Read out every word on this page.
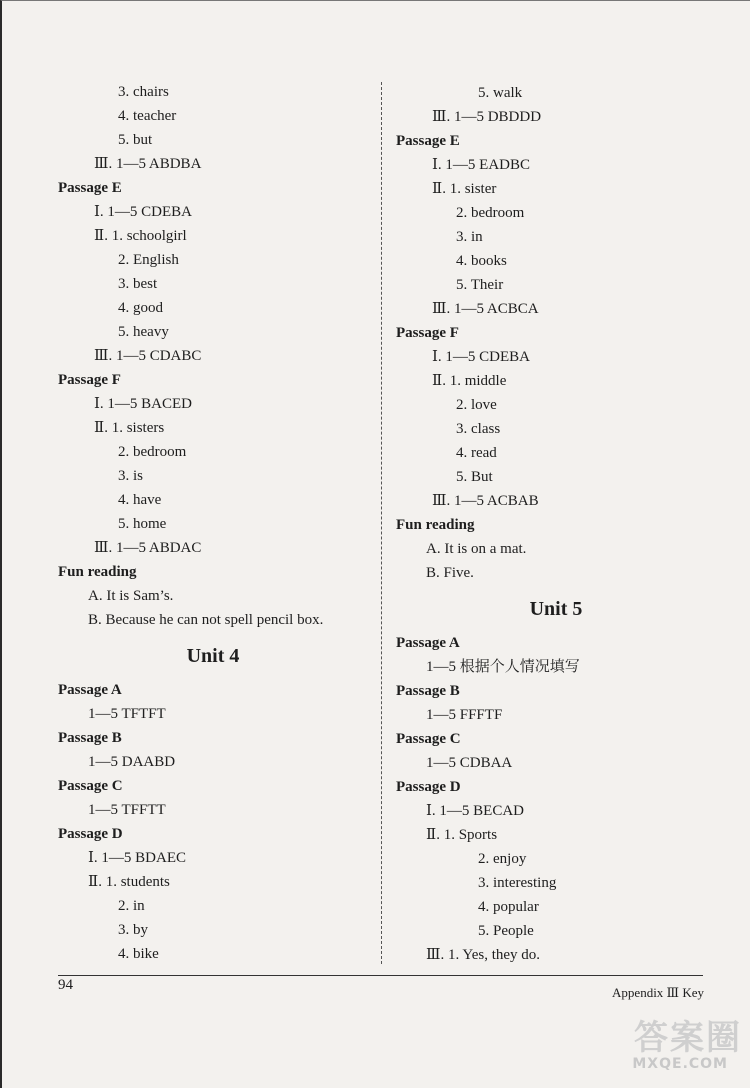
3. chairs
4. teacher
5. but
Ⅲ. 1—5 ABDBA
Passage E
Ⅰ. 1—5 CDEBA
Ⅱ. 1. schoolgirl
2. English
3. best
4. good
5. heavy
Ⅲ. 1—5 CDABC
Passage F
Ⅰ. 1—5 BACED
Ⅱ. 1. sisters
2. bedroom
3. is
4. have
5. home
Ⅲ. 1—5 ABDAC
Fun reading
A. It is Sam’s.
B. Because he can not spell pencil box.
Unit 4
Passage A
1—5 TFTFT
Passage B
1—5 DAABD
Passage C
1—5 TFFTT
Passage D
Ⅰ. 1—5 BDAEC
Ⅱ. 1. students
2. in
3. by
4. bike
5. walk
Ⅲ. 1—5 DBDDD
Passage E
Ⅰ. 1—5 EADBC
Ⅱ. 1. sister
2. bedroom
3. in
4. books
5. Their
Ⅲ. 1—5 ACBCA
Passage F
Ⅰ. 1—5 CDEBA
Ⅱ. 1. middle
2. love
3. class
4. read
5. But
Ⅲ. 1—5 ACBAB
Fun reading
A. It is on a mat.
B. Five.
Unit 5
Passage A
1—5 根据个人情况填写
Passage B
1—5 FFFTF
Passage C
1—5 CDBAA
Passage D
Ⅰ. 1—5 BECAD
Ⅱ. 1. Sports
2. enjoy
3. interesting
4. popular
5. People
Ⅲ. 1. Yes, they do.
94	Appendix Ⅲ Key
答案圈
MXQE.COM
